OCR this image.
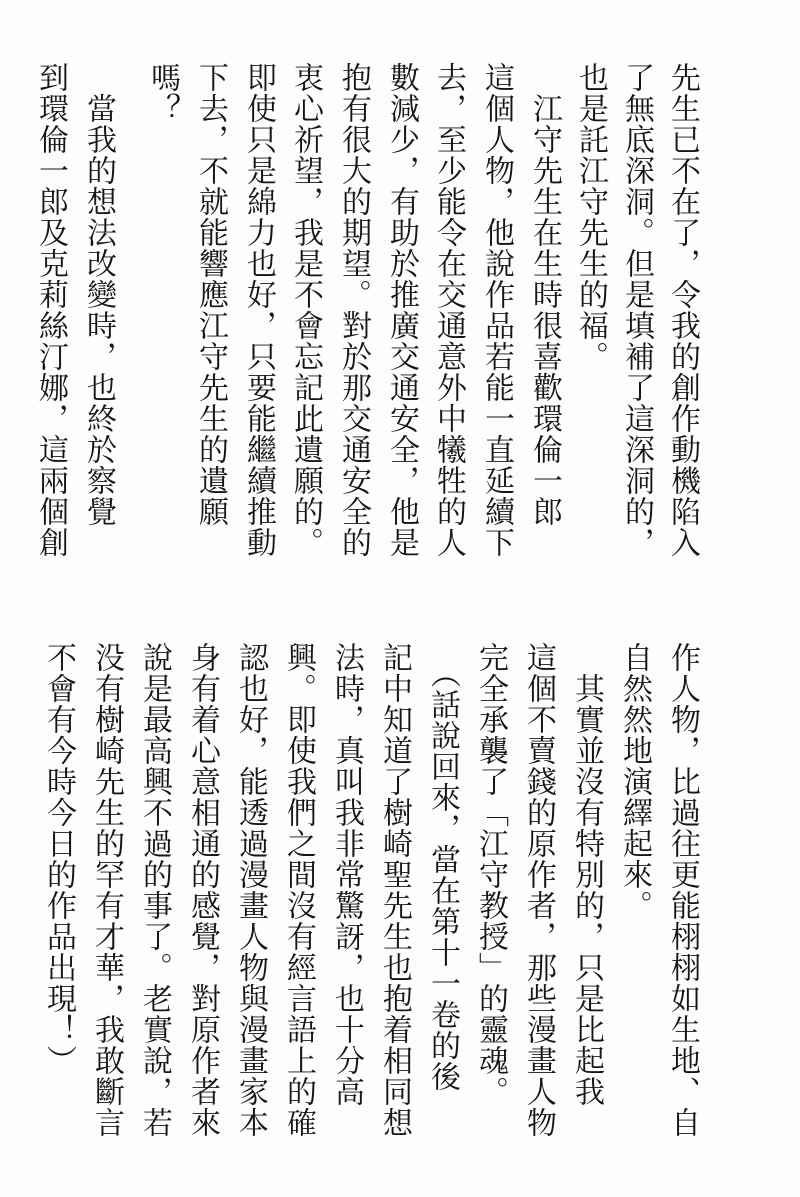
先生已不在了，令我的創作動機陷入
了無底深洞。但是填補了這深洞的，
也是託江守先生的福。
　江守先生在生時很喜歡環倫一郎
這個人物，他說作品若能一直延續下
去，至少能令在交通意外中犧牲的人
數減少，有助於推廣交通安全，他是
抱有很大的期望。對於那交通安全的
衷心祈望，我是不會忘記此遺願的。
即使只是綿力也好，只要能繼續推動
下去，不就能響應江守先生的遺願
嗎？
　當我的想法改變時，也終於察覺
到環倫一郎及克莉絲汀娜，這兩個創
作人物，比過往更能栩栩如生地、自
自然然地演繹起來。
　其實並沒有特別的，只是比起我
這個不賣錢的原作者，那些漫畫人物
完全承襲了「江守教授」的靈魂。
　（話說回來，當在第十一卷的後
記中知道了樹崎聖先生也抱着相同想
法時，真叫我非常驚訝，也十分高
興。即使我們之間沒有經言語上的確
認也好，能透過漫畫人物與漫畫家本
身有着心意相通的感覺，對原作者來
說是最高興不過的事了。老實說，若
没有樹崎先生的罕有才華，我敢斷言
不會有今時今日的作品出現！）
